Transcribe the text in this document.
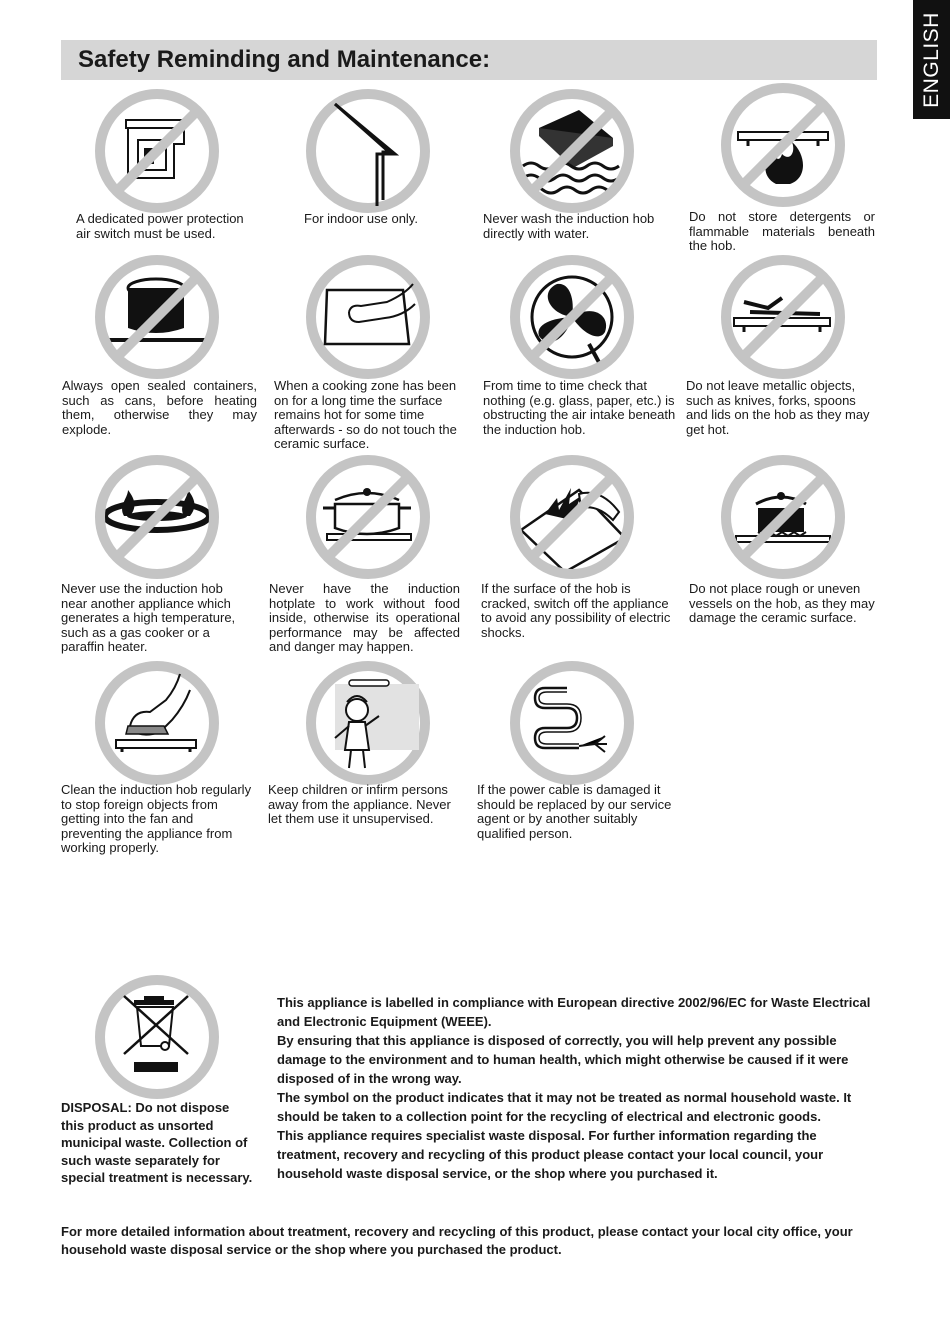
Safety Reminding and Maintenance:	ENGLISH
A dedicated power protection air switch must be used.
For indoor use only.	Never wash the induction hob directly with water.
Do not store detergents or flammable materials beneath the hob.
Always open sealed containers, such as cans, before heating them, otherwise they may explode.
When a cooking zone has been on for a long time the surface remains hot for some time afterwards - so do not touch the ceramic surface.
From time to time check that nothing (e.g. glass, paper, etc.) is obstructing the air intake beneath the induction hob.
Do not leave metallic objects, such as knives, forks, spoons and lids on the hob as they may get hot.
Never use the induction hob near another appliance which generates a high temperature, such as a gas cooker or a paraffin heater.
Never have the induction hotplate to work without food inside, otherwise its operational performance may be affected and danger may happen.
If the surface of the hob is cracked, switch off the appliance to avoid any possibility of electric shocks.
Do not place rough or uneven vessels on the hob, as they may damage the ceramic surface.
Clean the induction hob regularly to stop foreign objects from getting into the fan and preventing the appliance from working properly.
Keep children or infirm persons away from the appliance. Never let them use it unsupervised.
If the power cable is damaged it should be replaced by our service agent or by another suitably qualified person.
DISPOSAL: Do not dispose this product as unsorted municipal waste. Collection of such waste separately for special treatment is necessary.

This appliance is labelled in compliance with European directive 2002/96/EC for Waste Electrical and Electronic Equipment (WEEE).

By ensuring that this appliance is disposed of correctly, you will help prevent any possible damage to the environment and to human health, which might otherwise be caused if it were disposed of in the wrong way.

The symbol on the product indicates that it may not be treated as normal household waste. It should be taken to a collection point for the recycling of electrical and electronic goods.

This appliance requires specialist waste disposal. For further information regarding the treatment, recovery and recycling of this product please contact your local council, your household waste disposal service, or the shop where you purchased it.

For more detailed information about treatment, recovery and recycling of this product, please contact your local city office, your household waste disposal service or the shop where you purchased the product.
